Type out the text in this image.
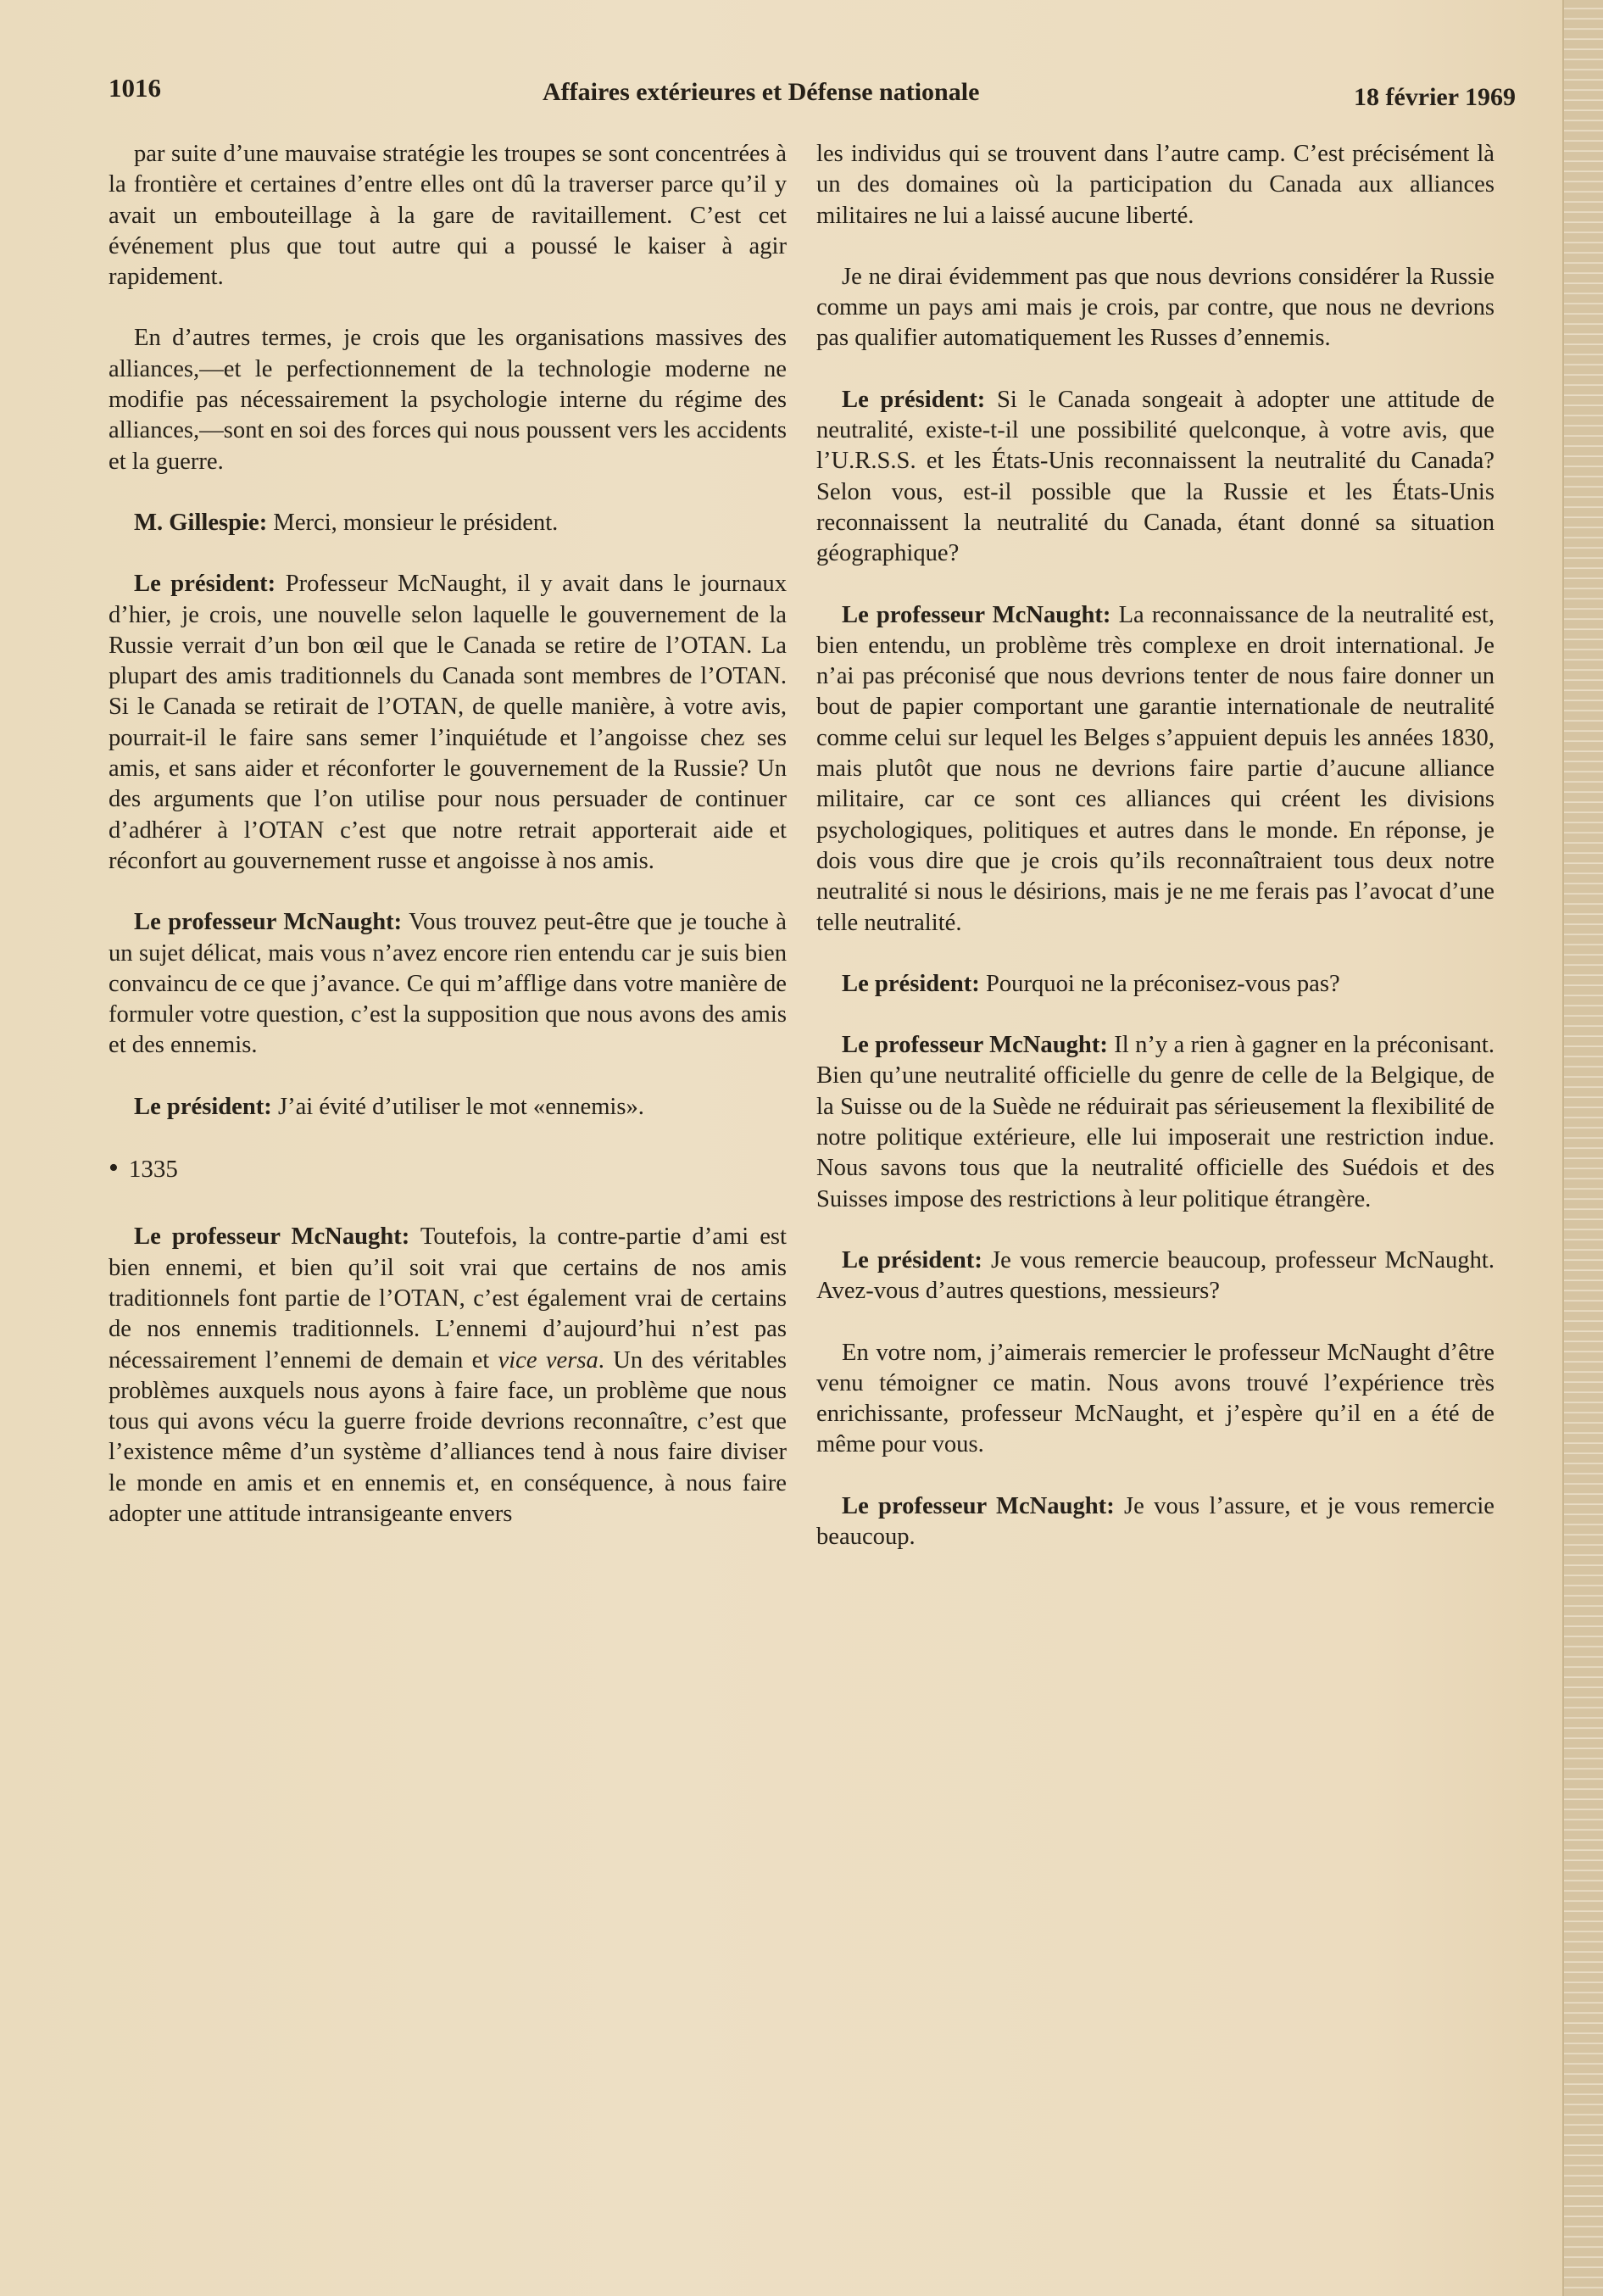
1016	Affaires extérieures et Défense nationale	18 février 1969

par suite d’une mauvaise stratégie les troupes se sont concentrées à la frontière et certaines d’entre elles ont dû la traverser parce qu’il y avait un embouteillage à la gare de ravitaillement. C’est cet événement plus que tout autre qui a poussé le kaiser à agir rapidement.

En d’autres termes, je crois que les organisations massives des alliances,—et le perfectionnement de la technologie moderne ne modifie pas nécessairement la psychologie interne du régime des alliances,—sont en soi des forces qui nous poussent vers les accidents et la guerre.

M. Gillespie: Merci, monsieur le président.

Le président: Professeur McNaught, il y avait dans le journaux d’hier, je crois, une nouvelle selon laquelle le gouvernement de la Russie verrait d’un bon œil que le Canada se retire de l’OTAN. La plupart des amis traditionnels du Canada sont membres de l’OTAN. Si le Canada se retirait de l’OTAN, de quelle manière, à votre avis, pourrait-il le faire sans semer l’inquiétude et l’angoisse chez ses amis, et sans aider et réconforter le gouvernement de la Russie? Un des arguments que l’on utilise pour nous persuader de continuer d’adhérer à l’OTAN c’est que notre retrait apporterait aide et réconfort au gouvernement russe et angoisse à nos amis.

Le professeur McNaught: Vous trouvez peut-être que je touche à un sujet délicat, mais vous n’avez encore rien entendu car je suis bien convaincu de ce que j’avance. Ce qui m’afflige dans votre manière de formuler votre question, c’est la supposition que nous avons des amis et des ennemis.

Le président: J’ai évité d’utiliser le mot «ennemis».

• 1335

Le professeur McNaught: Toutefois, la contre-partie d’ami est bien ennemi, et bien qu’il soit vrai que certains de nos amis traditionnels font partie de l’OTAN, c’est également vrai de certains de nos ennemis traditionnels. L’ennemi d’aujourd’hui n’est pas nécessairement l’ennemi de demain et vice versa. Un des véritables problèmes auxquels nous ayons à faire face, un problème que nous tous qui avons vécu la guerre froide devrions reconnaître, c’est que l’existence même d’un système d’alliances tend à nous faire diviser le monde en amis et en ennemis et, en conséquence, à nous faire adopter une attitude intransigeante envers

les individus qui se trouvent dans l’autre camp. C’est précisément là un des domaines où la participation du Canada aux alliances militaires ne lui a laissé aucune liberté.

Je ne dirai évidemment pas que nous devrions considérer la Russie comme un pays ami mais je crois, par contre, que nous ne devrions pas qualifier automatiquement les Russes d’ennemis.

Le président: Si le Canada songeait à adopter une attitude de neutralité, existe-t-il une possibilité quelconque, à votre avis, que l’U.R.S.S. et les États-Unis reconnaissent la neutralité du Canada? Selon vous, est-il possible que la Russie et les États-Unis reconnaissent la neutralité du Canada, étant donné sa situation géographique?

Le professeur McNaught: La reconnaissance de la neutralité est, bien entendu, un problème très complexe en droit international. Je n’ai pas préconisé que nous devrions tenter de nous faire donner un bout de papier comportant une garantie internationale de neutralité comme celui sur lequel les Belges s’appuient depuis les années 1830, mais plutôt que nous ne devrions faire partie d’aucune alliance militaire, car ce sont ces alliances qui créent les divisions psychologiques, politiques et autres dans le monde. En réponse, je dois vous dire que je crois qu’ils reconnaîtraient tous deux notre neutralité si nous le désirions, mais je ne me ferais pas l’avocat d’une telle neutralité.

Le président: Pourquoi ne la préconisez-vous pas?

Le professeur McNaught: Il n’y a rien à gagner en la préconisant. Bien qu’une neutralité officielle du genre de celle de la Belgique, de la Suisse ou de la Suède ne réduirait pas sérieusement la flexibilité de notre politique extérieure, elle lui imposerait une restriction indue. Nous savons tous que la neutralité officielle des Suédois et des Suisses impose des restrictions à leur politique étrangère.

Le président: Je vous remercie beaucoup, professeur McNaught. Avez-vous d’autres questions, messieurs?

En votre nom, j’aimerais remercier le professeur McNaught d’être venu témoigner ce matin. Nous avons trouvé l’expérience très enrichissante, professeur McNaught, et j’espère qu’il en a été de même pour vous.

Le professeur McNaught: Je vous l’assure, et je vous remercie beaucoup.
